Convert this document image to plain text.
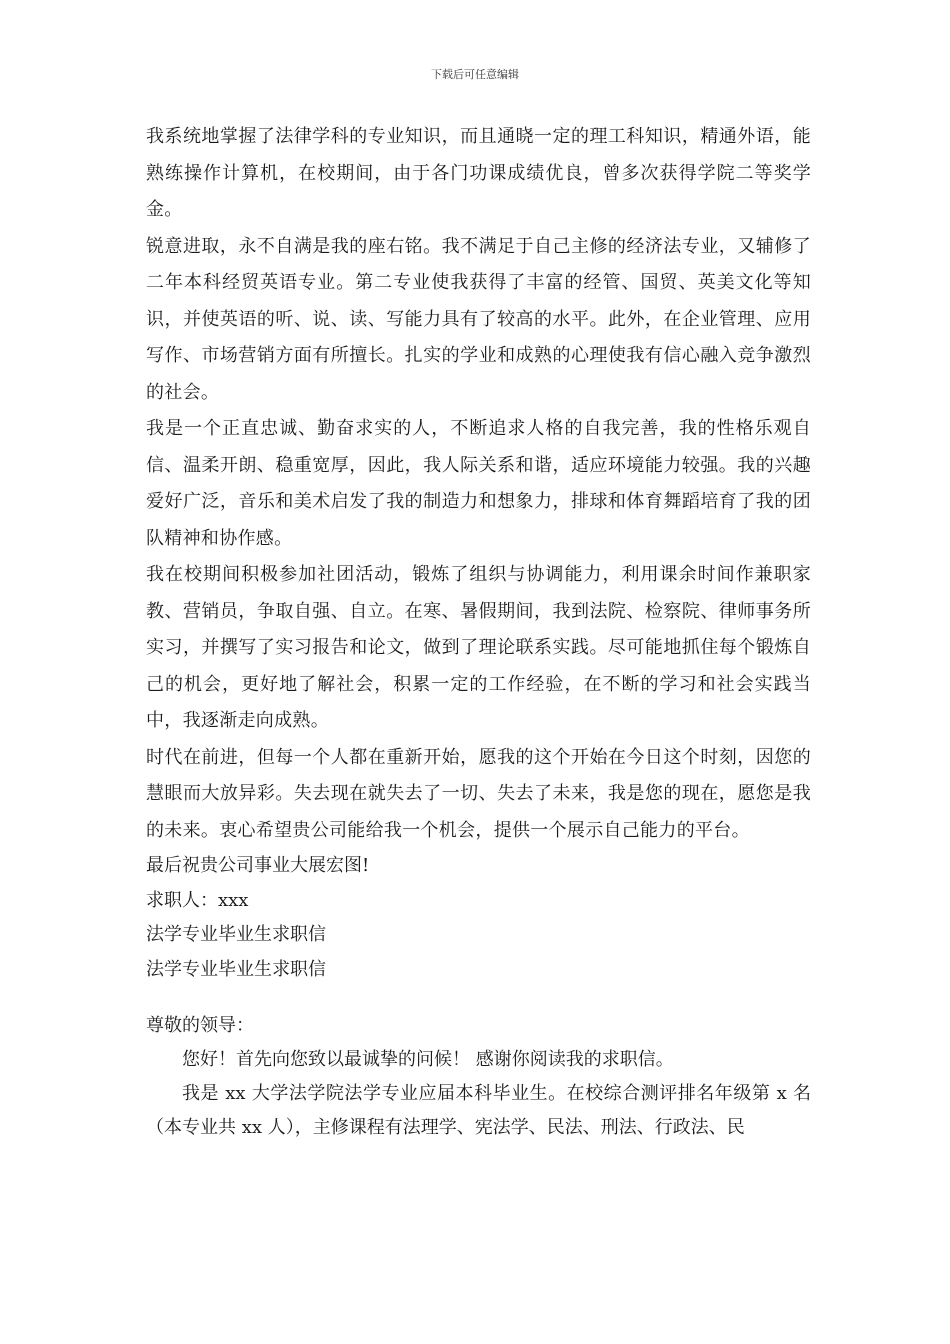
下载后可任意编辑

我系统地掌握了法律学科的专业知识，而且通晓一定的理工科知识，精通外语，能熟练操作计算机，在校期间，由于各门功课成绩优良，曾多次获得学院二等奖学金。

锐意进取，永不自满是我的座右铭。我不满足于自己主修的经济法专业，又辅修了二年本科经贸英语专业。第二专业使我获得了丰富的经管、国贸、英美文化等知识，并使英语的听、说、读、写能力具有了较高的水平。此外，在企业管理、应用写作、市场营销方面有所擅长。扎实的学业和成熟的心理使我有信心融入竞争激烈的社会。

我是一个正直忠诚、勤奋求实的人，不断追求人格的自我完善，我的性格乐观自信、温柔开朗、稳重宽厚，因此，我人际关系和谐，适应环境能力较强。我的兴趣爱好广泛，音乐和美术启发了我的制造力和想象力，排球和体育舞蹈培育了我的团队精神和协作感。

我在校期间积极参加社团活动，锻炼了组织与协调能力，利用课余时间作兼职家教、营销员，争取自强、自立。在寒、暑假期间，我到法院、检察院、律师事务所实习，并撰写了实习报告和论文，做到了理论联系实践。尽可能地抓住每个锻炼自己的机会，更好地了解社会，积累一定的工作经验，在不断的学习和社会实践当中，我逐渐走向成熟。

时代在前进，但每一个人都在重新开始，愿我的这个开始在今日这个时刻，因您的慧眼而大放异彩。失去现在就失去了一切、失去了未来，我是您的现在，愿您是我的未来。衷心希望贵公司能给我一个机会，提供一个展示自己能力的平台。

最后祝贵公司事业大展宏图!

求职人：xxx

法学专业毕业生求职信

法学专业毕业生求职信

尊敬的领导：

您好！首先向您致以最诚挚的问候！ 感谢你阅读我的求职信。

我是 xx 大学法学院法学专业应届本科毕业生。在校综合测评排名年级第 x 名（本专业共 xx 人），主修课程有法理学、宪法学、民法、刑法、行政法、民
